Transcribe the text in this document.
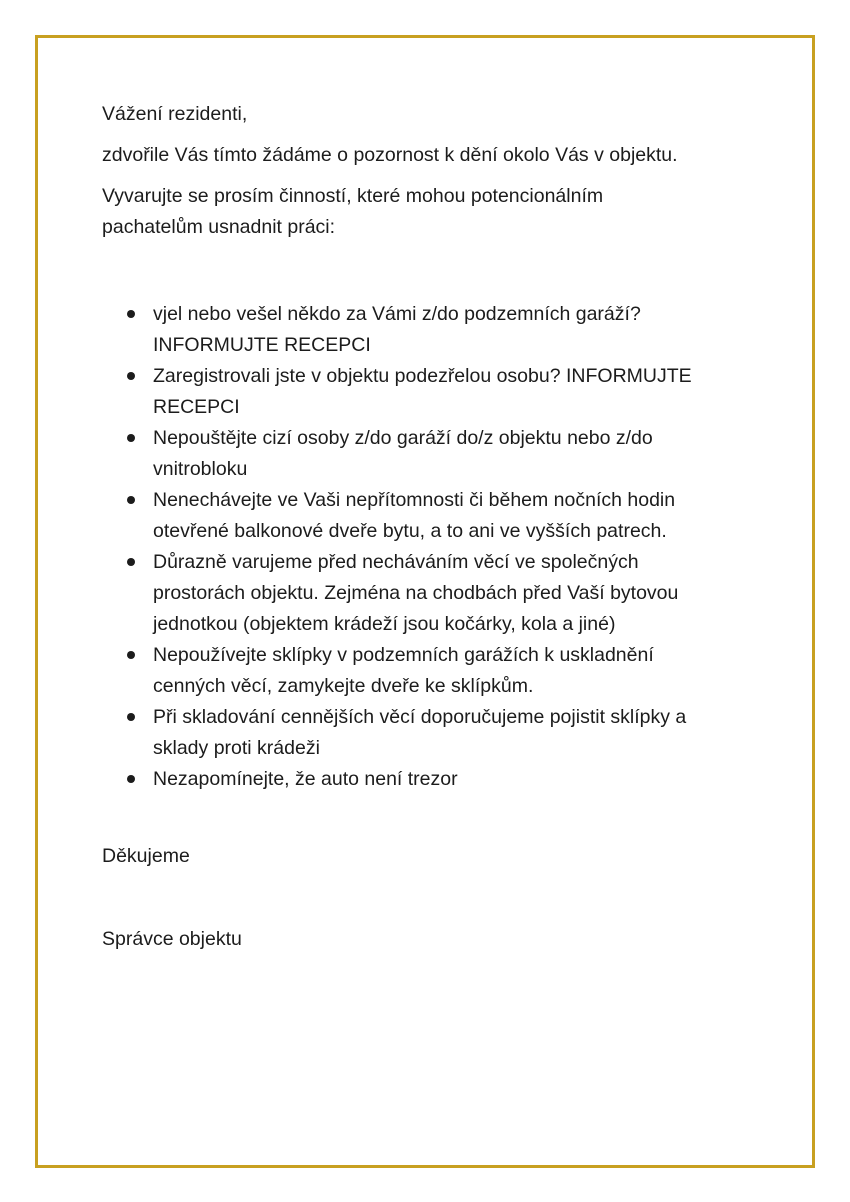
Vážení rezidenti,

zdvořile Vás tímto žádáme o pozornost k dění okolo Vás v objektu.

Vyvarujte se prosím činností, které mohou potencionálním pachatelům usnadnit práci:

vjel nebo vešel někdo za Vámi z/do podzemních garáží? INFORMUJTE RECEPCI
Zaregistrovali jste v objektu podezřelou osobu? INFORMUJTE RECEPCI
Nepouštějte cizí osoby z/do garáží do/z objektu nebo z/do vnitrobloku
Nenechávejte ve Vaši nepřítomnosti či během nočních hodin otevřené balkonové dveře bytu, a to ani ve vyšších patrech.
Důrazně varujeme před necháváním věcí ve společných prostorách objektu. Zejména na chodbách před Vaší bytovou jednotkou (objektem krádeží jsou kočárky, kola a jiné)
Nepoužívejte sklípky v podzemních garážích k uskladnění cenných věcí, zamykejte dveře ke sklípkům.
Při skladování cennějších věcí doporučujeme pojistit sklípky a sklady proti krádeži
Nezapomínejte, že auto není trezor
Děkujeme
Správce objektu
